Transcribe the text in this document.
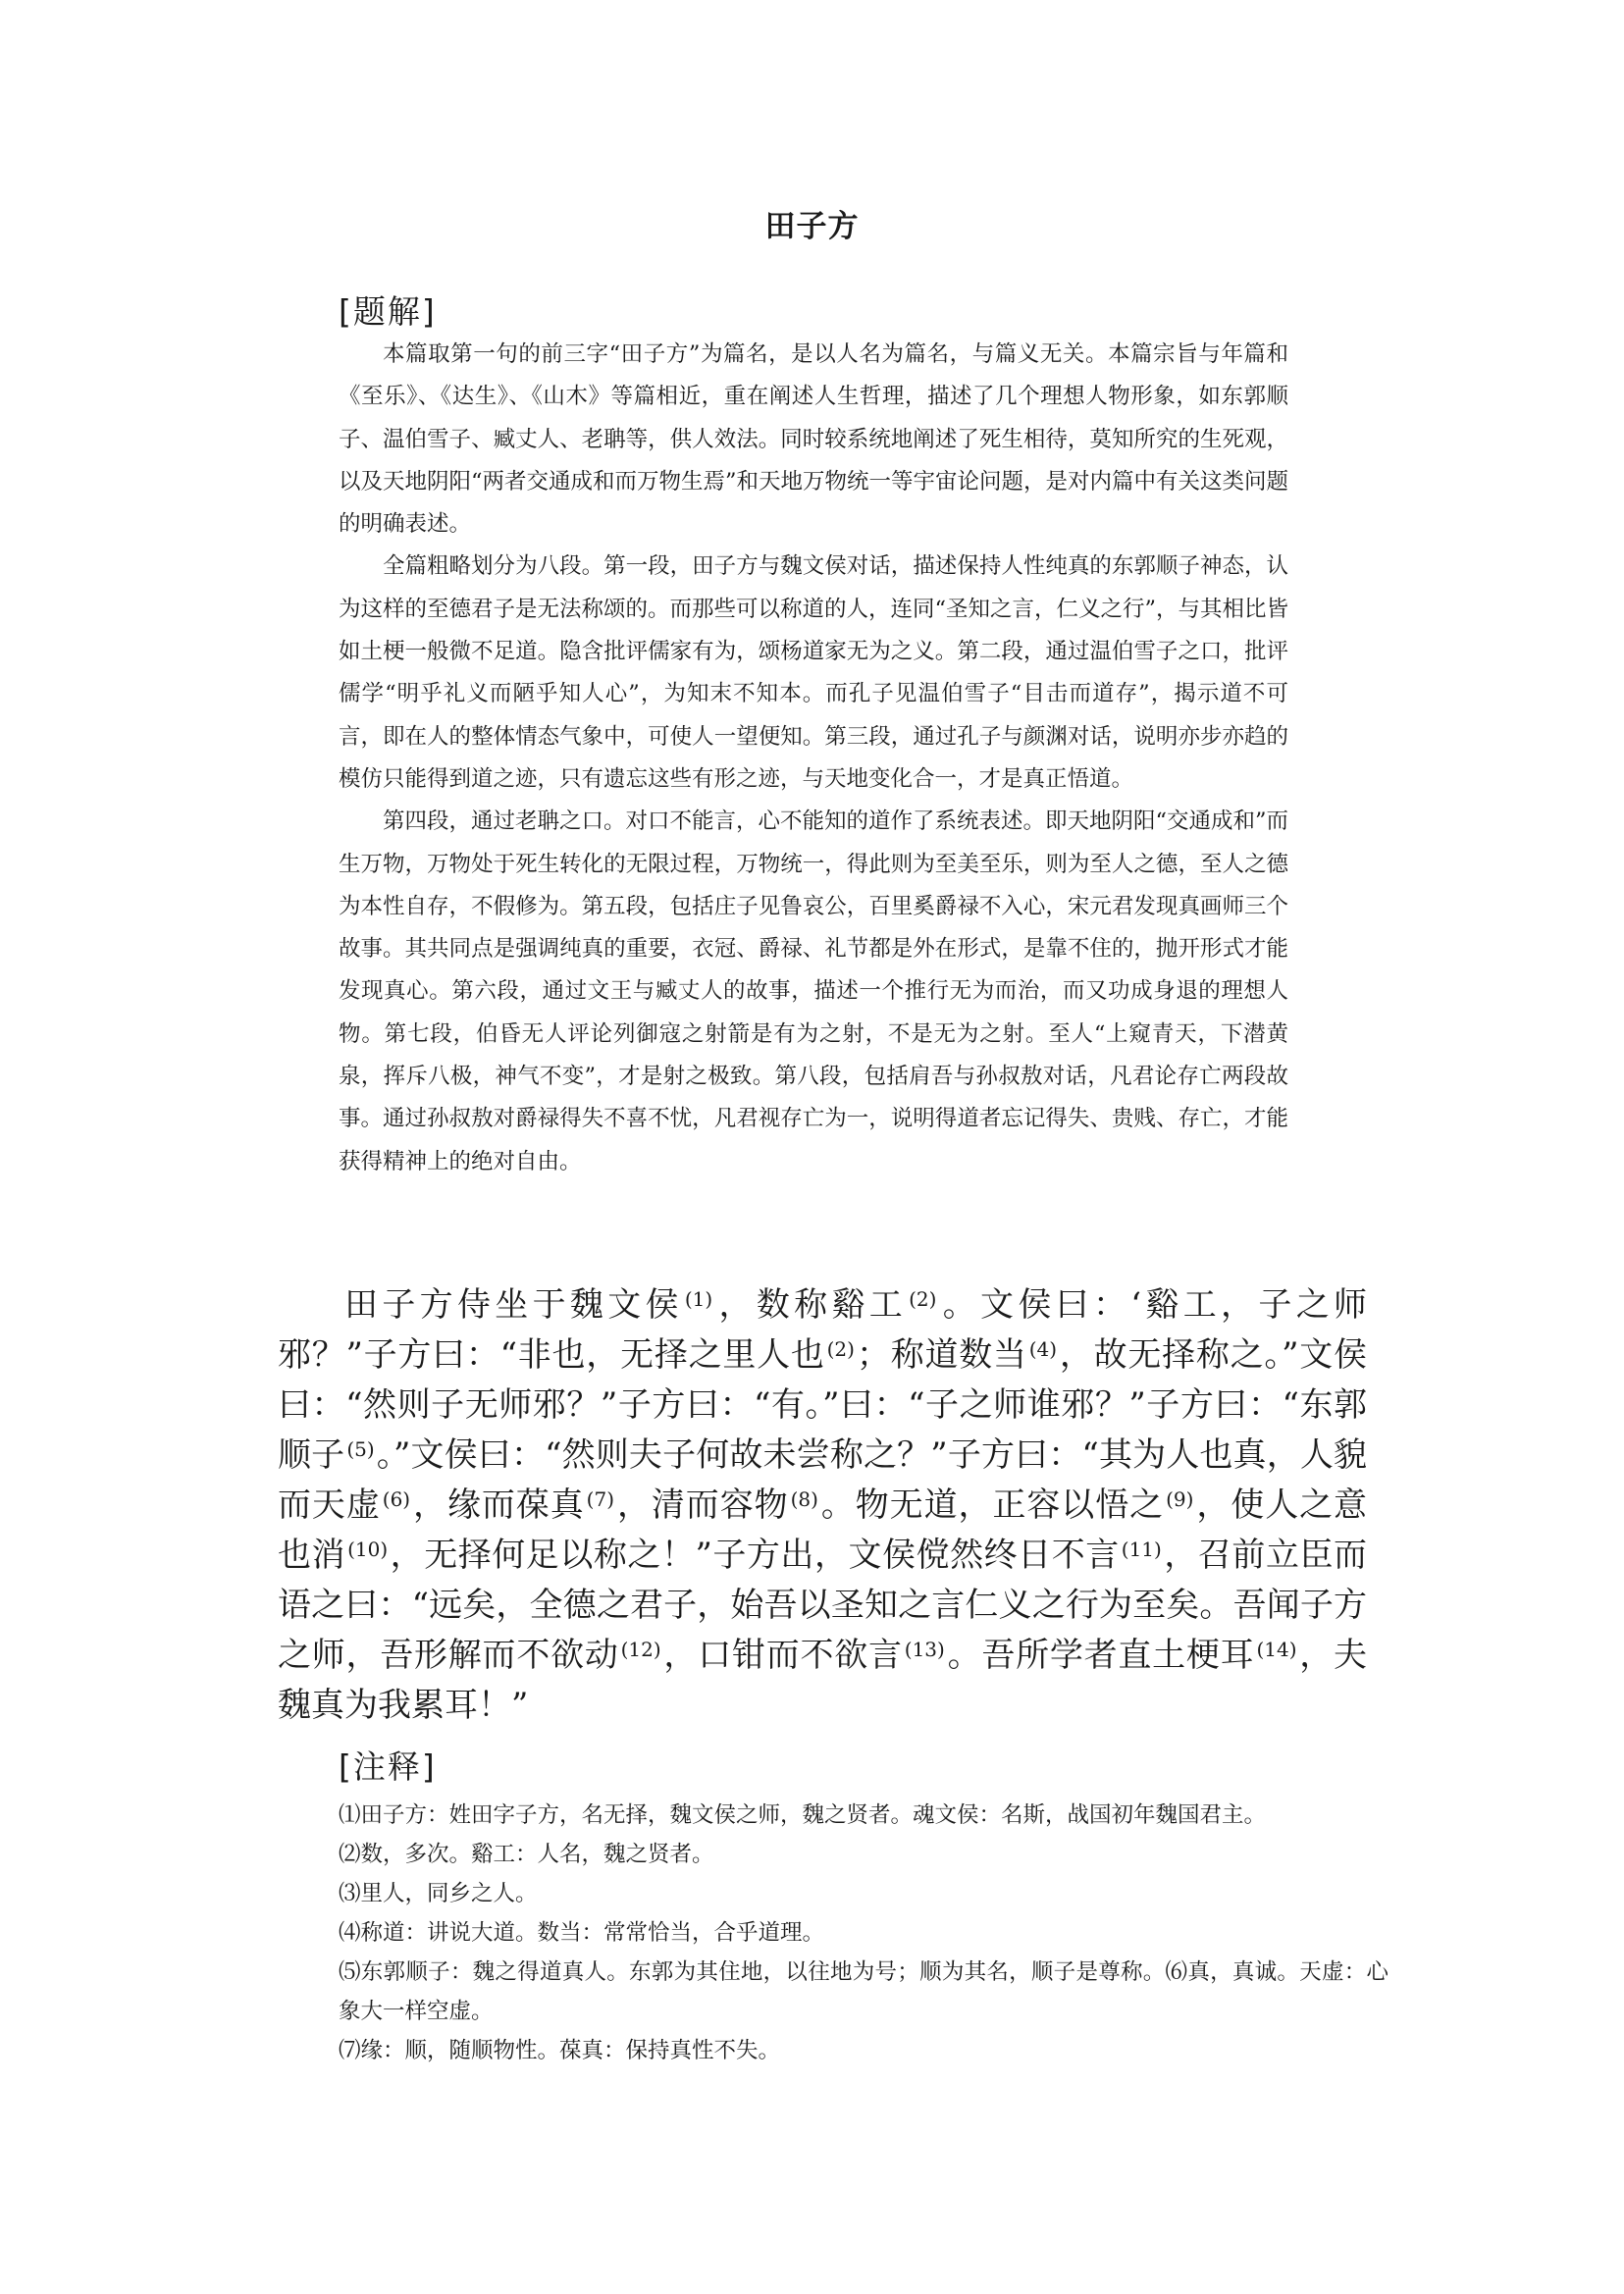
田子方
[题解]

本篇取第一句的前三字“田子方”为篇名，是以人名为篇名，与篇义无关。本篇宗旨与年篇和《至乐》、《达生》、《山木》等篇相近，重在阐述人生哲理，描述了几个理想人物形象，如东郭顺子、温伯雪子、臧丈人、老聃等，供人效法。同时较系统地阐述了死生相待，莫知所究的生死观，以及天地阴阳“两者交通成和而万物生焉”和天地万物统一等宇宙论问题，是对内篇中有关这类问题的明确表述。

全篇粗略划分为八段。第一段，田子方与魏文侯对话，描述保持人性纯真的东郭顺子神态，认为这样的至德君子是无法称颂的。而那些可以称道的人，连同“圣知之言，仁义之行”，与其相比皆如土梗一般微不足道。隐含批评儒家有为，颂杨道家无为之义。第二段，通过温伯雪子之口，批评儒学“明乎礼义而陋乎知人心”，为知末不知本。而孔子见温伯雪子“目击而道存”，揭示道不可言，即在人的整体情态气象中，可使人一望便知。第三段，通过孔子与颜渊对话，说明亦步亦趋的模仿只能得到道之迹，只有遗忘这些有形之迹，与天地变化合一，才是真正悟道。

第四段，通过老聃之口。对口不能言，心不能知的道作了系统表述。即天地阴阳“交通成和”而生万物，万物处于死生转化的无限过程，万物统一，得此则为至美至乐，则为至人之德，至人之德为本性自存，不假修为。第五段，包括庄子见鲁哀公，百里奚爵禄不入心，宋元君发现真画师三个故事。其共同点是强调纯真的重要，衣冠、爵禄、礼节都是外在形式，是靠不住的，抛开形式才能发现真心。第六段，通过文王与臧丈人的故事，描述一个推行无为而治，而又功成身退的理想人物。第七段，伯昏无人评论列御寇之射箭是有为之射，不是无为之射。至人“上窥青天，下潜黄泉，挥斥八极，神气不变”，才是射之极致。第八段，包括肩吾与孙叔敖对话，凡君论存亡两段故事。通过孙叔敖对爵禄得失不喜不忧，凡君视存亡为一，说明得道者忘记得失、贵贱、存亡，才能获得精神上的绝对自由。

田子方侍坐于魏文侯 $^{(1)}$，数称谿工 $^{(2)}$。文侯曰：‘谿工，子之师邪？”子方曰：“非也，无择之里人也 $^{(2)}$；称道数当 $^{(4)}$，故无择称之。”文侯曰：“然则子无师邪？”子方曰：“有。”曰：“子之师谁邪？”子方曰：“东郭顺子 $^{(5)}$。”文侯曰：“然则夫子何故未尝称之？”子方曰：“其为人也真，人貌而天虚 $^{(6)}$，缘而葆真 $^{(7)}$，清而容物 $^{(8)}$。物无道，正容以悟之 $^{(9)}$，使人之意也消 $^{(10)}$，无择何足以称之！”子方出，文侯傥然终日不言 $^{(11)}$，召前立臣而语之曰：“远矣，全德之君子，始吾以圣知之言仁义之行为至矣。吾闻子方之师，吾形解而不欲动 $^{(12)}$，口钳而不欲言 $^{(13)}$。吾所学者直土梗耳 $^{(14)}$，夫魏真为我累耳！”

[注释]

⑴田子方：姓田字子方，名无择，魏文侯之师，魏之贤者。魂文侯：名斯，战国初年魏国君主。

⑵数，多次。谿工：人名，魏之贤者。

⑶里人，同乡之人。

⑷称道：讲说大道。数当：常常恰当，合乎道理。

⑸东郭顺子：魏之得道真人。东郭为其住地，以往地为号；顺为其名，顺子是尊称。⑹真，真诚。天虚：心象大一样空虚。

⑺缘：顺，随顺物性。葆真：保持真性不失。
